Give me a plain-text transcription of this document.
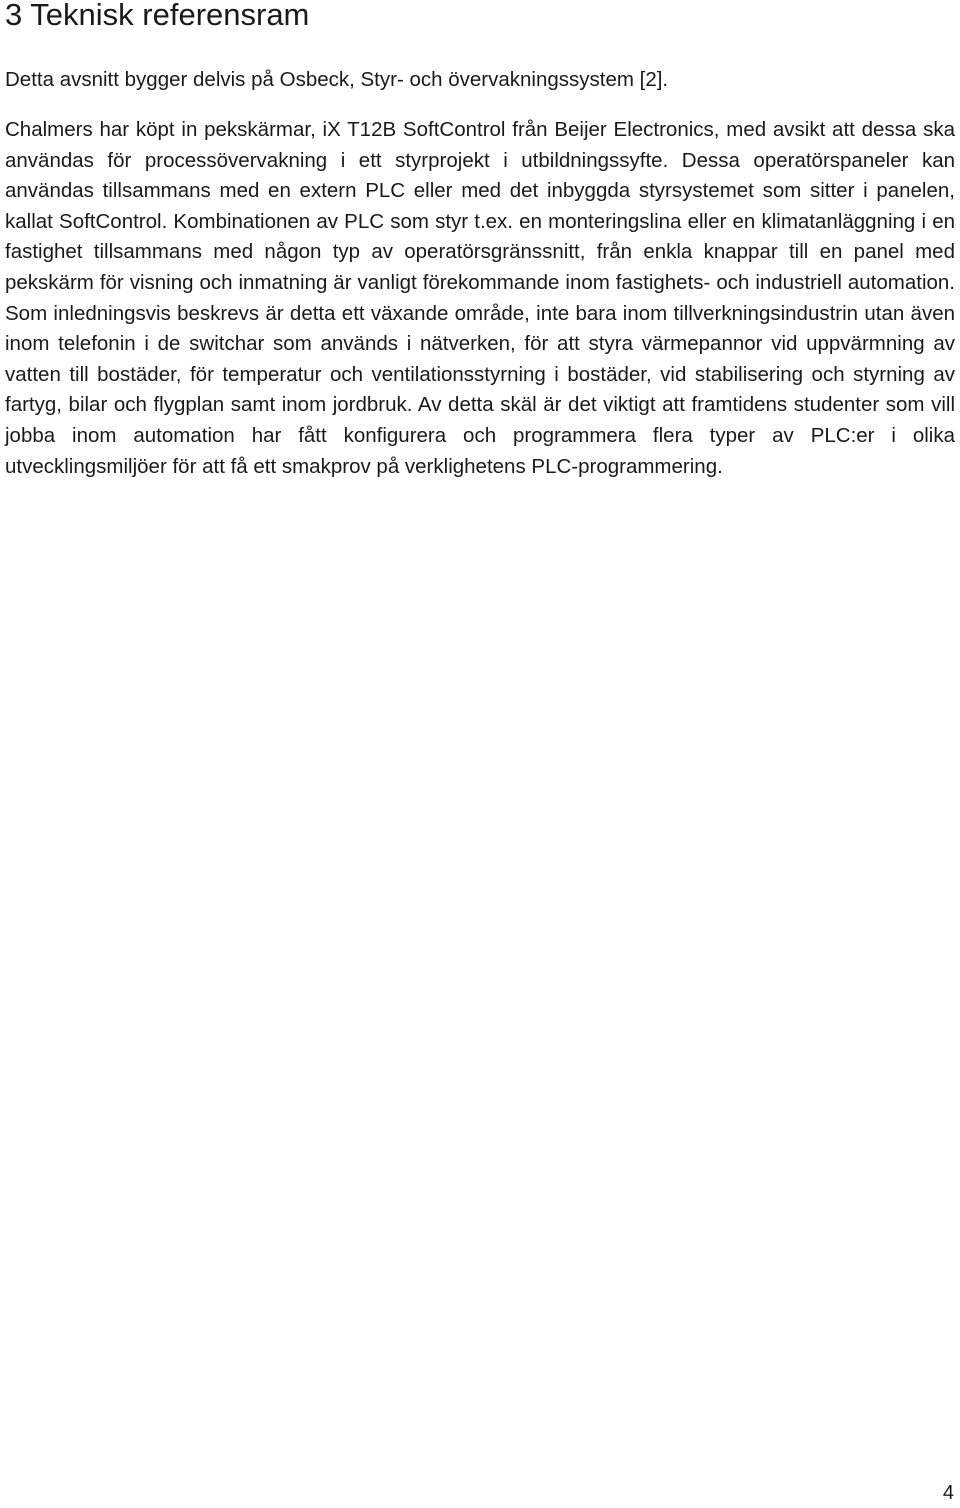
3 Teknisk referensram

Detta avsnitt bygger delvis på Osbeck, Styr- och övervakningssystem [2].

Chalmers har köpt in pekskärmar, iX T12B SoftControl från Beijer Electronics, med avsikt att dessa ska användas för processövervakning i ett styrprojekt i utbildningssyfte. Dessa operatörspaneler kan användas tillsammans med en extern PLC eller med det inbyggda styrsystemet som sitter i panelen, kallat SoftControl. Kombinationen av PLC som styr t.ex. en monteringslina eller en klimatanläggning i en fastighet tillsammans med någon typ av operatörsgränssnitt, från enkla knappar till en panel med pekskärm för visning och inmatning är vanligt förekommande inom fastighets- och industriell automation. Som inledningsvis beskrevs är detta ett växande område, inte bara inom tillverkningsindustrin utan även inom telefonin i de switchar som används i nätverken, för att styra värmepannor vid uppvärmning av vatten till bostäder, för temperatur och ventilationsstyrning i bostäder, vid stabilisering och styrning av fartyg, bilar och flygplan samt inom jordbruk. Av detta skäl är det viktigt att framtidens studenter som vill jobba inom automation har fått konfigurera och programmera flera typer av PLC:er i olika utvecklingsmiljöer för att få ett smakprov på verklighetens PLC-programmering.

4
